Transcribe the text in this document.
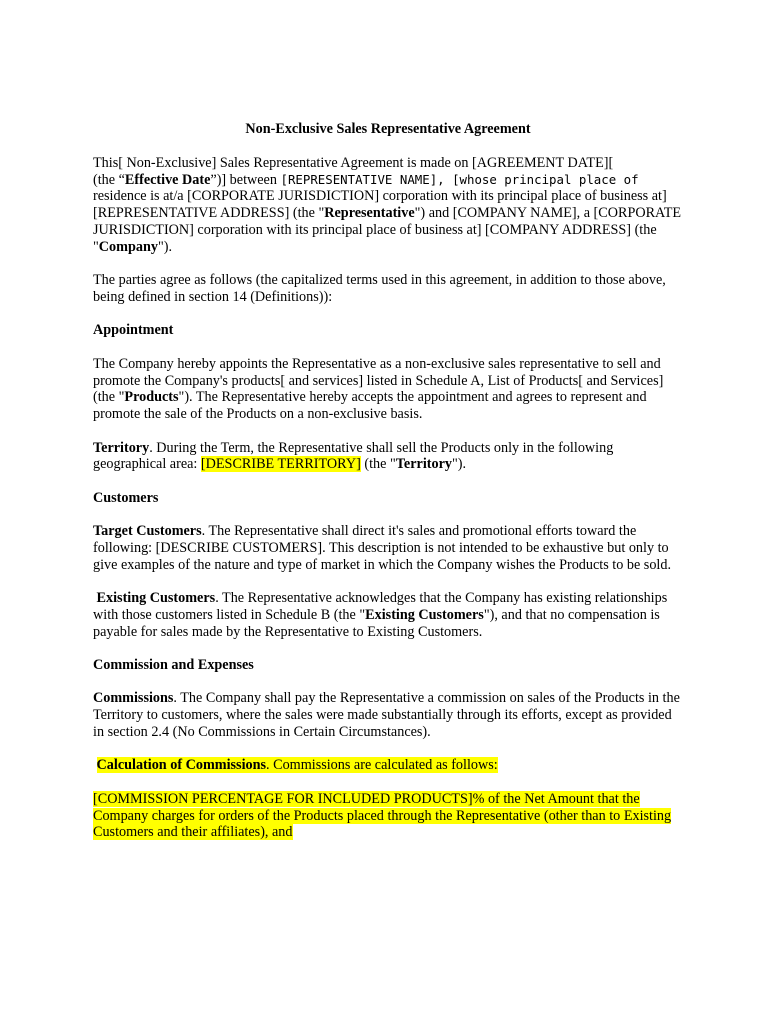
Non-Exclusive Sales Representative Agreement

This[ Non-Exclusive] Sales Representative Agreement is made on [AGREEMENT DATE][
(the “Effective Date”)] between [REPRESENTATIVE NAME], [whose principal place of
residence is at/a [CORPORATE JURISDICTION] corporation with its principal place of business at] [REPRESENTATIVE ADDRESS] (the "Representative") and [COMPANY NAME], a [CORPORATE JURISDICTION] corporation with its principal place of business at] [COMPANY ADDRESS] (the "Company").

The parties agree as follows (the capitalized terms used in this agreement, in addition to those above, being defined in section 14 (Definitions)):

Appointment

The Company hereby appoints the Representative as a non-exclusive sales representative to sell and promote the Company's products[ and services] listed in Schedule A, List of Products[ and Services] (the "Products"). The Representative hereby accepts the appointment and agrees to represent and promote the sale of the Products on a non-exclusive basis.

Territory. During the Term, the Representative shall sell the Products only in the following geographical area: [DESCRIBE TERRITORY] (the "Territory").

Customers

Target Customers. The Representative shall direct it's sales and promotional efforts toward the following: [DESCRIBE CUSTOMERS]. This description is not intended to be exhaustive but only to give examples of the nature and type of market in which the Company wishes the Products to be sold.

Existing Customers. The Representative acknowledges that the Company has existing relationships with those customers listed in Schedule B (the "Existing Customers"), and that no compensation is payable for sales made by the Representative to Existing Customers.

Commission and Expenses

Commissions. The Company shall pay the Representative a commission on sales of the Products in the Territory to customers, where the sales were made substantially through its efforts, except as provided in section 2.4 (No Commissions in Certain Circumstances).

Calculation of Commissions. Commissions are calculated as follows:

[COMMISSION PERCENTAGE FOR INCLUDED PRODUCTS]% of the Net Amount that the Company charges for orders of the Products placed through the Representative (other than to Existing Customers and their affiliates), and
